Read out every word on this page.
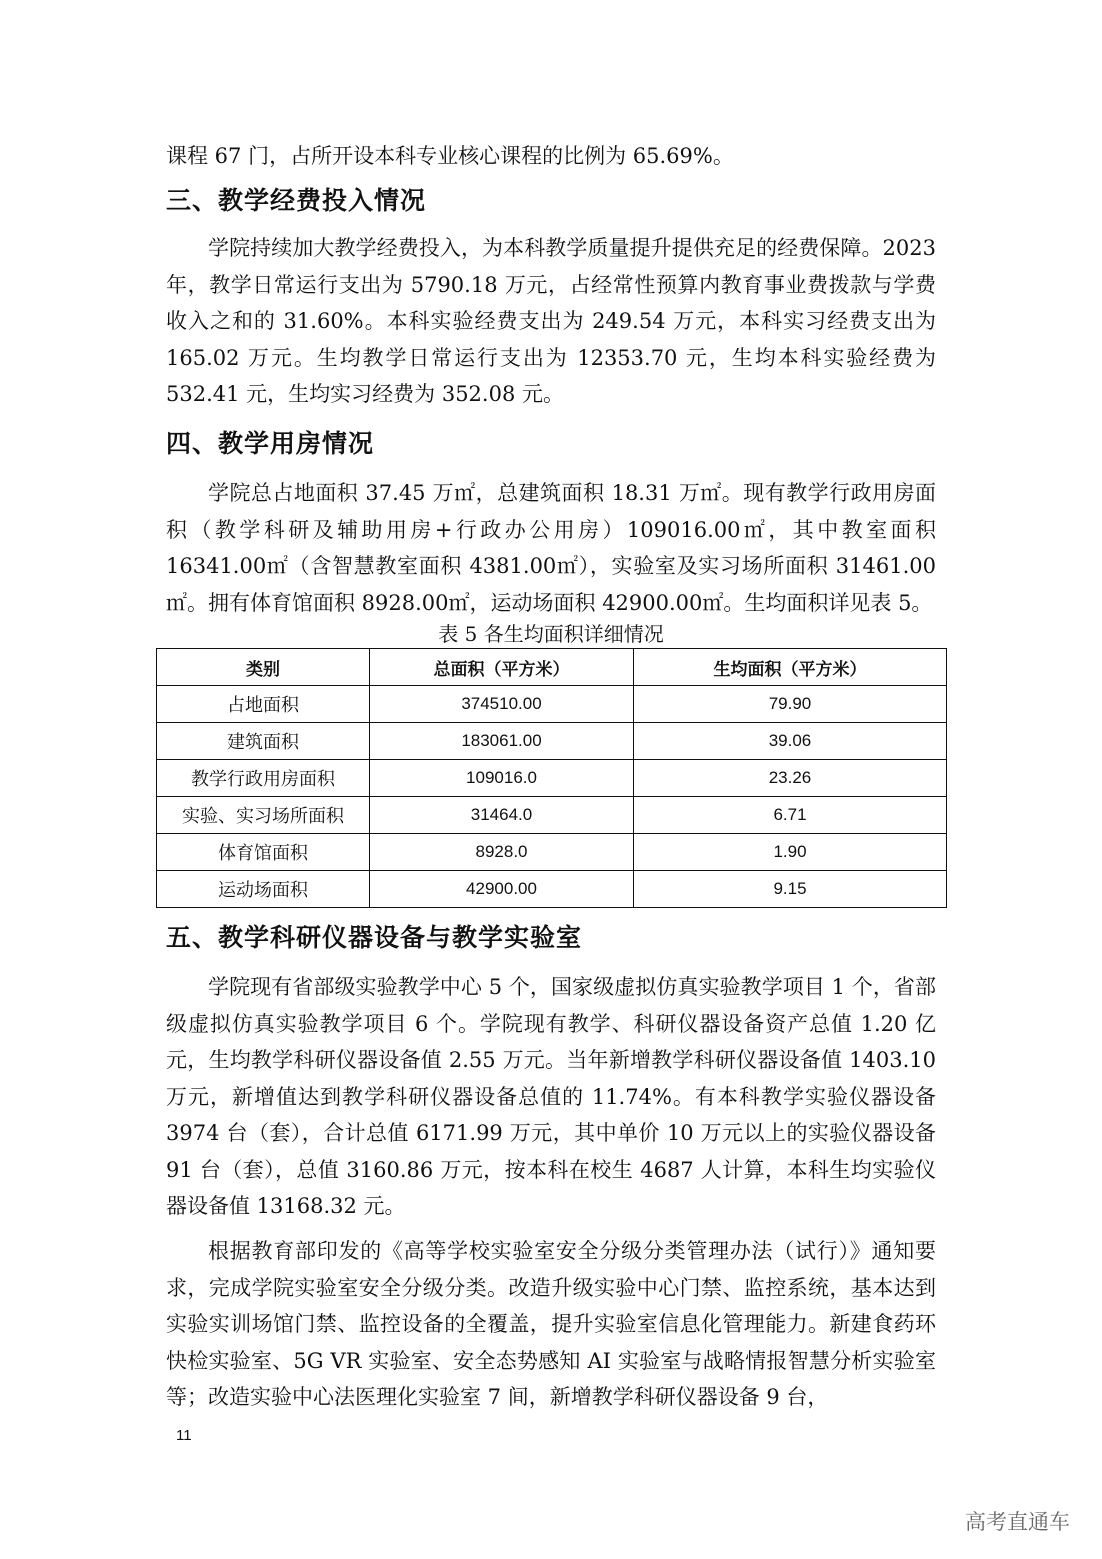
课程 67 门，占所开设本科专业核心课程的比例为 65.69%。

三、教学经费投入情况

学院持续加大教学经费投入，为本科教学质量提升提供充足的经费保障。2023 年，教学日常运行支出为 5790.18 万元，占经常性预算内教育事业费拨款与学费收入之和的 31.60%。本科实验经费支出为 249.54 万元，本科实习经费支出为 165.02 万元。生均教学日常运行支出为 12353.70 元，生均本科实验经费为 532.41 元，生均实习经费为 352.08 元。

四、教学用房情况

学院总占地面积 37.45 万㎡，总建筑面积 18.31 万㎡。现有教学行政用房面积（教学科研及辅助用房+行政办公用房）109016.00㎡，其中教室面积 16341.00㎡（含智慧教室面积 4381.00㎡），实验室及实习场所面积 31461.00㎡。拥有体育馆面积 8928.00㎡，运动场面积 42900.00㎡。生均面积详见表 5。

表 5 各生均面积详细情况

类别	总面积（平方米）	生均面积（平方米）
占地面积	374510.00	79.90
建筑面积	183061.00	39.06
教学行政用房面积	109016.0	23.26
实验、实习场所面积	31464.0	6.71
体育馆面积	8928.0	1.90
运动场面积	42900.00	9.15
五、教学科研仪器设备与教学实验室

学院现有省部级实验教学中心 5 个，国家级虚拟仿真实验教学项目 1 个，省部级虚拟仿真实验教学项目 6 个。学院现有教学、科研仪器设备资产总值 1.20 亿元，生均教学科研仪器设备值 2.55 万元。当年新增教学科研仪器设备值 1403.10 万元，新增值达到教学科研仪器设备总值的 11.74%。有本科教学实验仪器设备 3974 台（套），合计总值 6171.99 万元，其中单价 10 万元以上的实验仪器设备 91 台（套），总值 3160.86 万元，按本科在校生 4687 人计算，本科生均实验仪器设备值 13168.32 元。

根据教育部印发的《高等学校实验室安全分级分类管理办法（试行）》通知要求，完成学院实验室安全分级分类。改造升级实验中心门禁、监控系统，基本达到实验实训场馆门禁、监控设备的全覆盖，提升实验室信息化管理能力。新建食药环快检实验室、5G VR 实验室、安全态势感知 AI 实验室与战略情报智慧分析实验室等；改造实验中心法医理化实验室 7 间，新增教学科研仪器设备 9 台，

11

高考直通车
